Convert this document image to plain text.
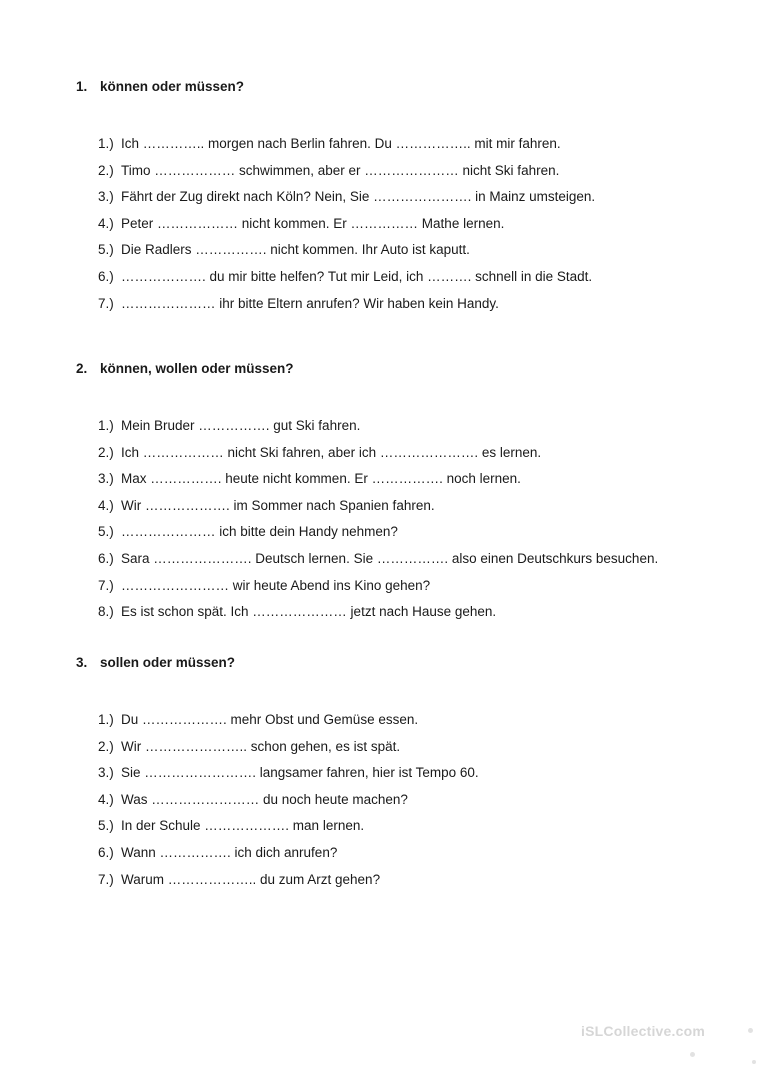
1. können oder müssen?
1.) Ich ………….. morgen nach Berlin fahren. Du …………….. mit mir fahren.
2.) Timo ……………… schwimmen, aber er ………………… nicht Ski fahren.
3.) Fährt der Zug direkt nach Köln? Nein, Sie …………………. in Mainz umsteigen.
4.) Peter ……………… nicht kommen. Er …………… Mathe lernen.
5.) Die Radlers ……………. nicht kommen. Ihr Auto ist kaputt.
6.) ………………. du mir bitte helfen? Tut mir Leid, ich ………. schnell in die Stadt.
7.) ………………… ihr bitte Eltern anrufen? Wir haben kein Handy.
2. können, wollen oder müssen?
1.) Mein Bruder ……………. gut Ski fahren.
2.) Ich ……………… nicht Ski fahren, aber ich …………………. es lernen.
3.) Max ……………. heute nicht kommen. Er ……………. noch lernen.
4.) Wir ………………. im Sommer nach Spanien fahren.
5.) ………………… ich bitte dein Handy nehmen?
6.) Sara …………………. Deutsch lernen. Sie ……………. also einen Deutschkurs besuchen.
7.) …………………… wir heute Abend ins Kino gehen?
8.) Es ist schon spät. Ich ………………… jetzt nach Hause gehen.
3. sollen oder müssen?
1.) Du ………………. mehr Obst und Gemüse essen.
2.) Wir ………………….. schon gehen, es ist spät.
3.) Sie ……………………. langsamer fahren, hier ist Tempo 60.
4.) Was …………………… du noch heute machen?
5.) In der Schule ………………. man lernen.
6.) Wann ……………. ich dich anrufen?
7.) Warum ……………….. du zum Arzt gehen?
iSLCollective.com
